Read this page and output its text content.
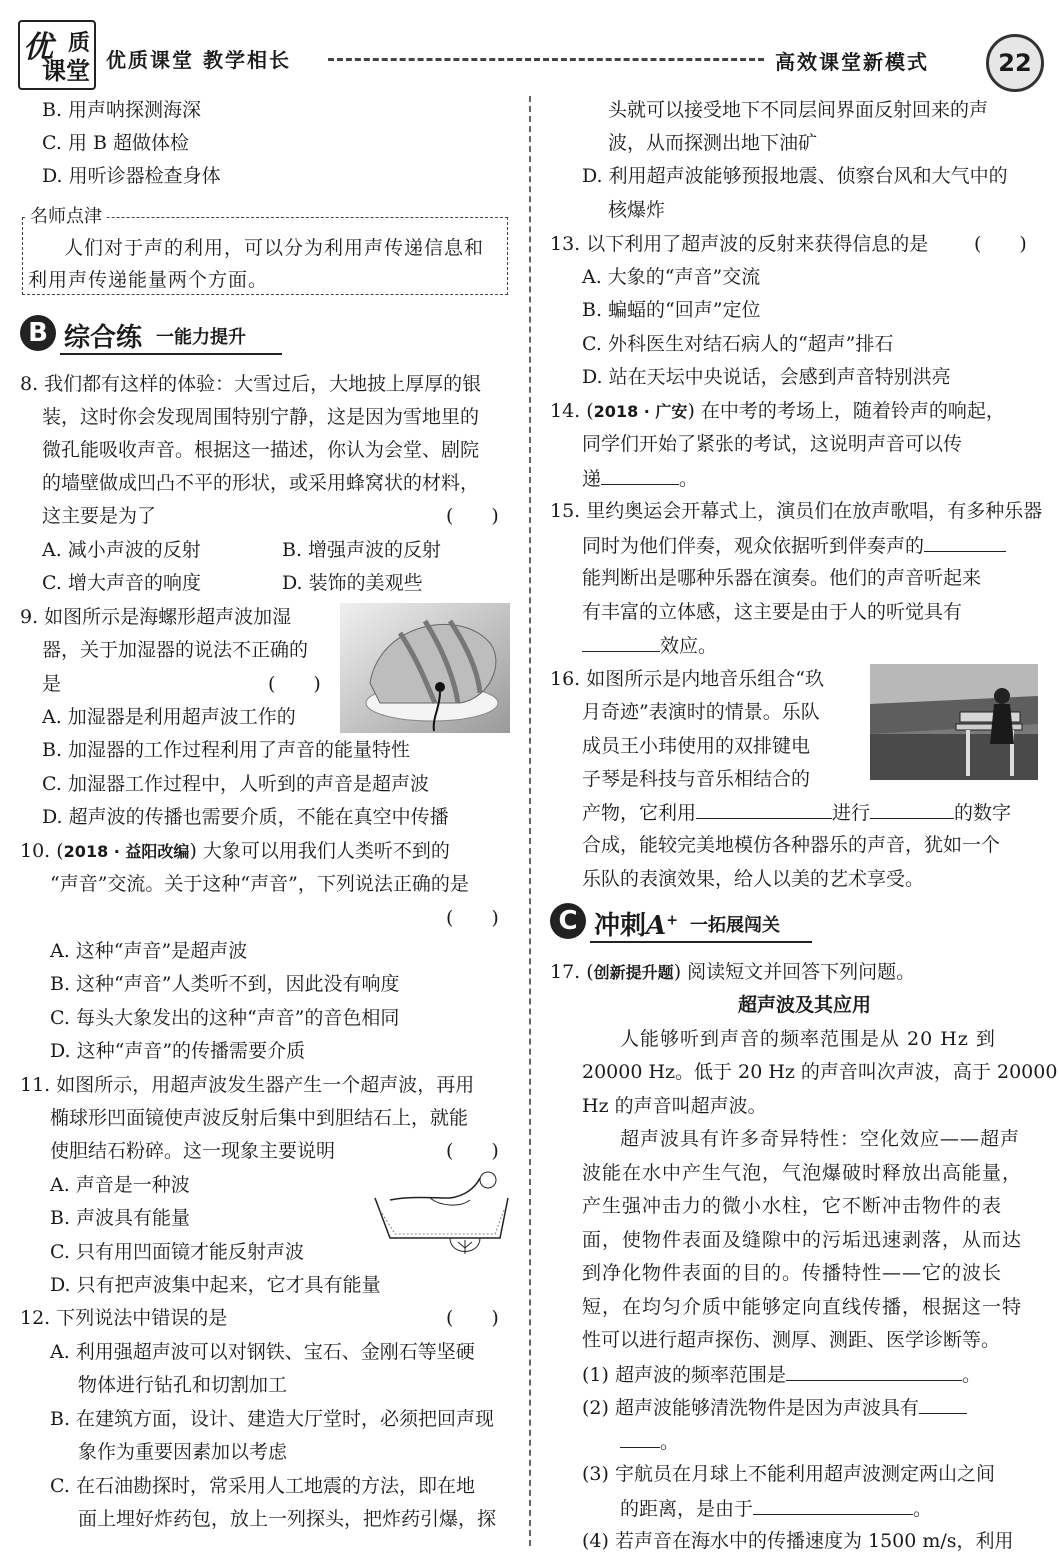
优 质
课堂 优质课堂 教学相长	高效课堂新模式	22
B. 用声呐探测海深
C. 用 B 超做体检
D. 用听诊器检查身体
名师点津
人们对于声的利用，可以分为利用声传递信息和
利用声传递能量两个方面。
B 综合练 一能力提升
8. 我们都有这样的体验：大雪过后，大地披上厚厚的银
装，这时你会发现周围特别宁静，这是因为雪地里的
微孔能吸收声音。根据这一描述，你认为会堂、剧院
的墙壁做成凹凸不平的形状，或采用蜂窝状的材料，
这主要是为了	(　　)
A. 减小声波的反射	B. 增强声波的反射
C. 增大声音的响度	D. 装饰的美观些
9. 如图所示是海螺形超声波加湿
器，关于加湿器的说法不正确的
是	(　　)
A. 加湿器是利用超声波工作的
B. 加湿器的工作过程利用了声音的能量特性
C. 加湿器工作过程中，人听到的声音是超声波
D. 超声波的传播也需要介质，不能在真空中传播
10. (2018 · 益阳改编) 大象可以用我们人类听不到的
“声音”交流。关于这种“声音”，下列说法正确的是
(　　)
A. 这种“声音”是超声波
B. 这种“声音”人类听不到，因此没有响度
C. 每头大象发出的这种“声音”的音色相同
D. 这种“声音”的传播需要介质
11. 如图所示，用超声波发生器产生一个超声波，再用
椭球形凹面镜使声波反射后集中到胆结石上，就能
使胆结石粉碎。这一现象主要说明	(　　)
A. 声音是一种波
B. 声波具有能量
C. 只有用凹面镜才能反射声波
D. 只有把声波集中起来，它才具有能量
12. 下列说法中错误的是	(　　)
A. 利用强超声波可以对钢铁、宝石、金刚石等坚硬
物体进行钻孔和切割加工
B. 在建筑方面，设计、建造大厅堂时，必须把回声现
象作为重要因素加以考虑
C. 在石油勘探时，常采用人工地震的方法，即在地
面上埋好炸药包，放上一列探头，把炸药引爆，探
头就可以接受地下不同层间界面反射回来的声
波，从而探测出地下油矿
D. 利用超声波能够预报地震、侦察台风和大气中的
核爆炸
13. 以下利用了超声波的反射来获得信息的是 (　　)
A. 大象的“声音”交流
B. 蝙蝠的“回声”定位
C. 外科医生对结石病人的“超声”排石
D. 站在天坛中央说话，会感到声音特别洪亮
14. (2018 · 广安) 在中考的考场上，随着铃声的响起，
同学们开始了紧张的考试，这说明声音可以传
递	。
15. 里约奥运会开幕式上，演员们在放声歌唱，有多种乐器
同时为他们伴奏，观众依据听到伴奏声的
能判断出是哪种乐器在演奏。他们的声音听起来
有丰富的立体感，这主要是由于人的听觉具有
效应。
16. 如图所示是内地音乐组合“玖
月奇迹”表演时的情景。乐队
成员王小玮使用的双排键电
子琴是科技与音乐相结合的
产物，它利用	进行	的数字
合成，能较完美地模仿各种器乐的声音，犹如一个
乐队的表演效果，给人以美的艺术享受。
C 冲刺A+ 一拓展闯关
17. (创新提升题) 阅读短文并回答下列问题。
超声波及其应用
人能够听到声音的频率范围是从 20 Hz 到
20000 Hz。低于 20 Hz 的声音叫次声波，高于 20000
Hz 的声音叫超声波。
超声波具有许多奇异特性：空化效应——超声
波能在水中产生气泡，气泡爆破时释放出高能量，
产生强冲击力的微小水柱，它不断冲击物件的表
面，使物件表面及缝隙中的污垢迅速剥落，从而达
到净化物件表面的目的。传播特性——它的波长
短，在均匀介质中能够定向直线传播，根据这一特
性可以进行超声探伤、测厚、测距、医学诊断等。
(1) 超声波的频率范围是	。
(2) 超声波能够清洗物件是因为声波具有
。
(3) 宇航员在月球上不能利用超声波测定两山之间
的距离，是由于	。
(4) 若声音在海水中的传播速度为 1500 m/s，利用
